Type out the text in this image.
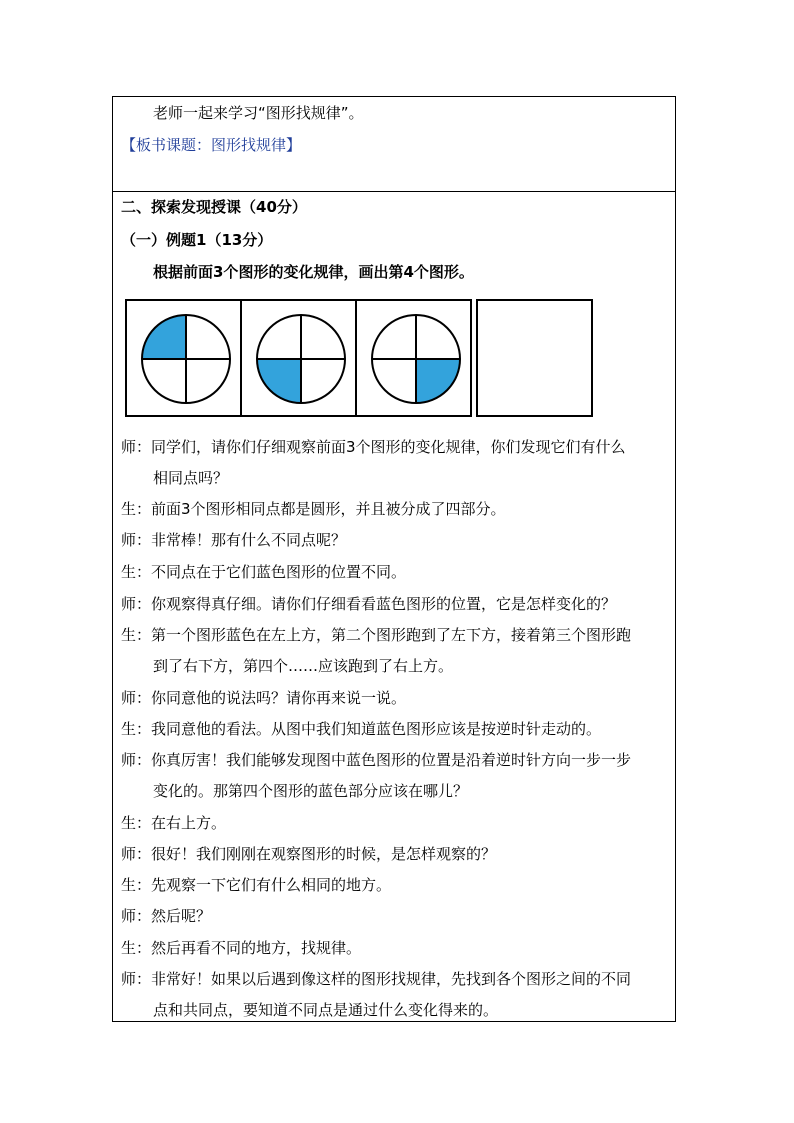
老师一起来学习“图形找规律”。
【板书课题：图形找规律】
二、探索发现授课（40分）
（一）例题1（13分）
根据前面3个图形的变化规律，画出第4个图形。
师：同学们，请你们仔细观察前面3个图形的变化规律，你们发现它们有什么
相同点吗？
生：前面3个图形相同点都是圆形，并且被分成了四部分。
师：非常棒！那有什么不同点呢？
生：不同点在于它们蓝色图形的位置不同。
师：你观察得真仔细。请你们仔细看看蓝色图形的位置，它是怎样变化的？
生：第一个图形蓝色在左上方，第二个图形跑到了左下方，接着第三个图形跑
到了右下方，第四个……应该跑到了右上方。
师：你同意他的说法吗？请你再来说一说。
生：我同意他的看法。从图中我们知道蓝色图形应该是按逆时针走动的。
师：你真厉害！我们能够发现图中蓝色图形的位置是沿着逆时针方向一步一步
变化的。那第四个图形的蓝色部分应该在哪儿？
生：在右上方。
师：很好！我们刚刚在观察图形的时候，是怎样观察的？
生：先观察一下它们有什么相同的地方。
师：然后呢？
生：然后再看不同的地方，找规律。
师：非常好！如果以后遇到像这样的图形找规律，先找到各个图形之间的不同
点和共同点，要知道不同点是通过什么变化得来的。
